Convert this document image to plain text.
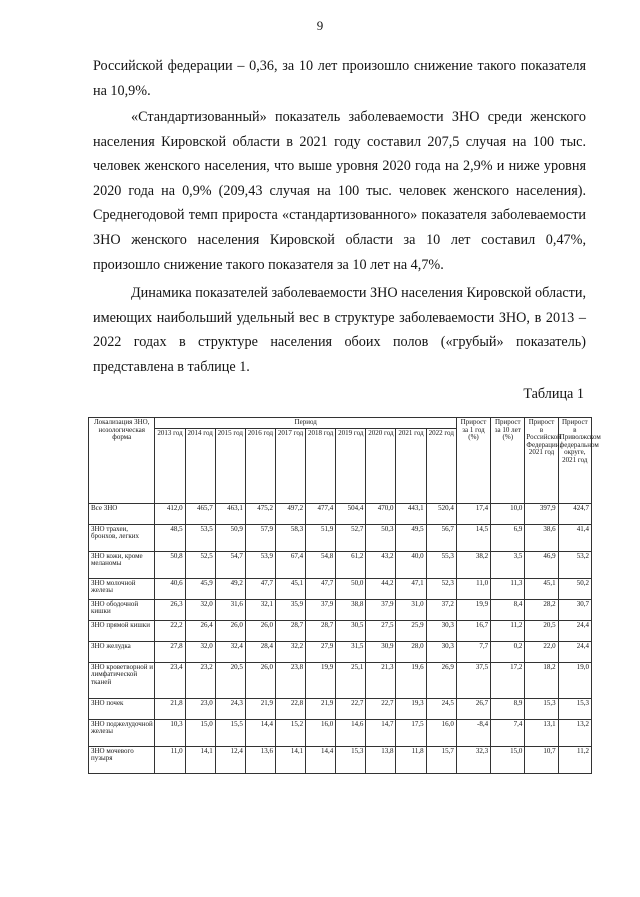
9

Российской федерации – 0,36, за 10 лет произошло снижение такого показателя на 10,9%.

«Стандартизованный» показатель заболеваемости ЗНО среди женского населения Кировской области в 2021 году составил 207,5 случая на 100 тыс. человек женского населения, что выше уровня 2020 года на 2,9% и ниже уровня 2020 года на 0,9% (209,43 случая на 100 тыс. человек женского населения). Среднегодовой темп прироста «стандартизованного» показателя заболеваемости ЗНО женского населения Кировской области за 10 лет составил 0,47%, произошло снижение такого показателя за 10 лет на 4,7%.

Динамика показателей заболеваемости ЗНО населения Кировской области, имеющих наибольший удельный вес в структуре заболеваемости ЗНО, в 2013 – 2022 годах в структуре населения обоих полов («грубый» показатель) представлена в таблице 1.

Таблица 1
Локализация ЗНО, нозологическая форма	Период										Прирост за 1 год (%)	Прирост за 10 лет (%)	Прирост в Российской Федерации, 2021 год	Прирост в Приволжском федеральном округе, 2021 год
	2013 год	2014 год	2015 год	2016 год	2017 год	2018 год	2019 год	2020 год	2021 год	2022 год				
Все ЗНО	412,0	465,7	463,1	475,2	497,2	477,4	504,4	470,0	443,1	520,4	17,4	10,0	397,9	424,7
ЗНО трахеи, бронхов, легких	48,5	53,5	50,9	57,9	58,3	51,9	52,7	50,3	49,5	56,7	14,5	6,9	38,6	41,4
ЗНО кожи, кроме меланомы	50,8	52,5	54,7	53,9	67,4	54,8	61,2	43,2	40,0	55,3	38,2	3,5	46,9	53,2
ЗНО молочной железы	40,6	45,9	49,2	47,7	45,1	47,7	50,0	44,2	47,1	52,3	11,0	11,3	45,1	50,2
ЗНО ободочной кишки	26,3	32,0	31,6	32,1	35,9	37,9	38,8	37,9	31,0	37,2	19,9	8,4	28,2	30,7
ЗНО прямой кишки	22,2	26,4	26,0	26,0	28,7	28,7	30,5	27,5	25,9	30,3	16,7	11,2	20,5	24,4
ЗНО желудка	27,8	32,0	32,4	28,4	32,2	27,9	31,5	30,9	28,0	30,3	7,7	0,2	22,0	24,4
ЗНО кроветворной и лимфатической тканей	23,4	23,2	20,5	26,0	23,8	19,9	25,1	21,3	19,6	26,9	37,5	17,2	18,2	19,0
ЗНО почек	21,8	23,0	24,3	21,9	22,8	21,9	22,7	22,7	19,3	24,5	26,7	8,9	15,3	15,3
ЗНО поджелудочной железы	10,3	15,0	15,5	14,4	15,2	16,0	14,6	14,7	17,5	16,0	-8,4	7,4	13,1	13,2
ЗНО мочевого пузыря	11,0	14,1	12,4	13,6	14,1	14,4	15,3	13,8	11,8	15,7	32,3	15,0	10,7	11,2
